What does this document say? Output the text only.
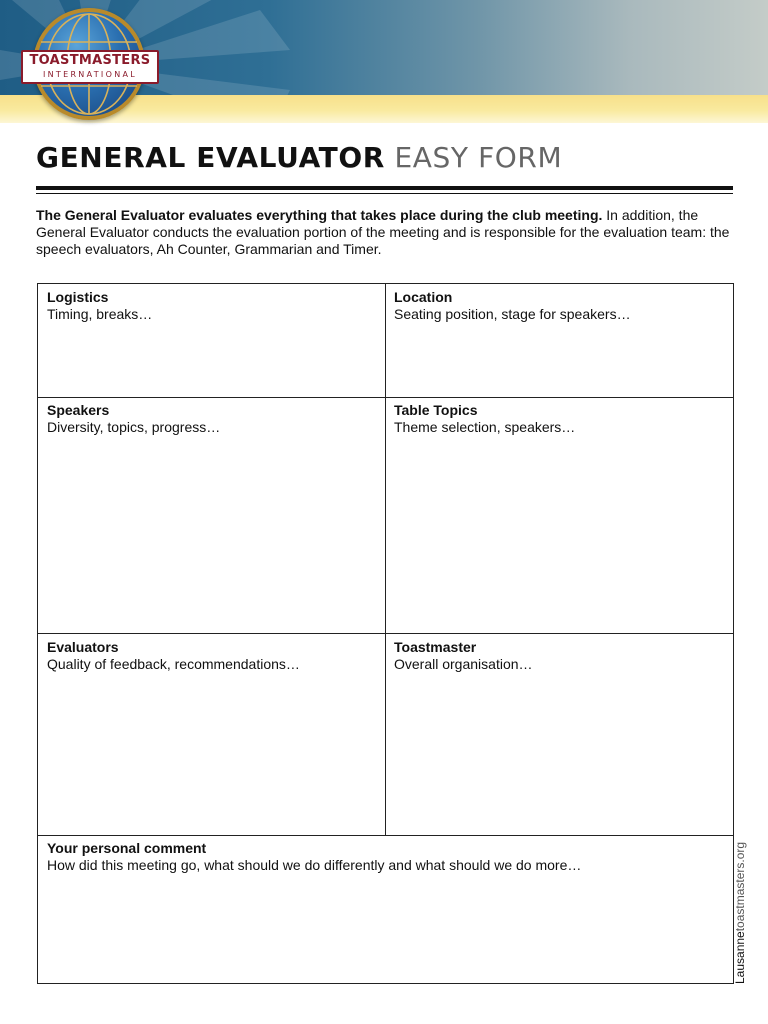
TOASTMASTERS
INTERNATIONAL
GENERAL EVALUATOR EASY FORM

The General Evaluator evaluates everything that takes place during the club meeting. In addition, the General Evaluator conducts the evaluation portion of the meeting and is responsible for the evaluation team: the speech evaluators, Ah Counter, Grammarian and Timer.

Logistics
Timing, breaks…
Location
Seating position, stage for speakers…
Speakers
Diversity, topics, progress…
Table Topics
Theme selection, speakers…
Evaluators
Quality of feedback, recommendations…
Toastmaster
Overall organisation…
Your personal comment
How did this meeting go, what should we do differently and what should we do more…
Lausannetoastmasters.org
